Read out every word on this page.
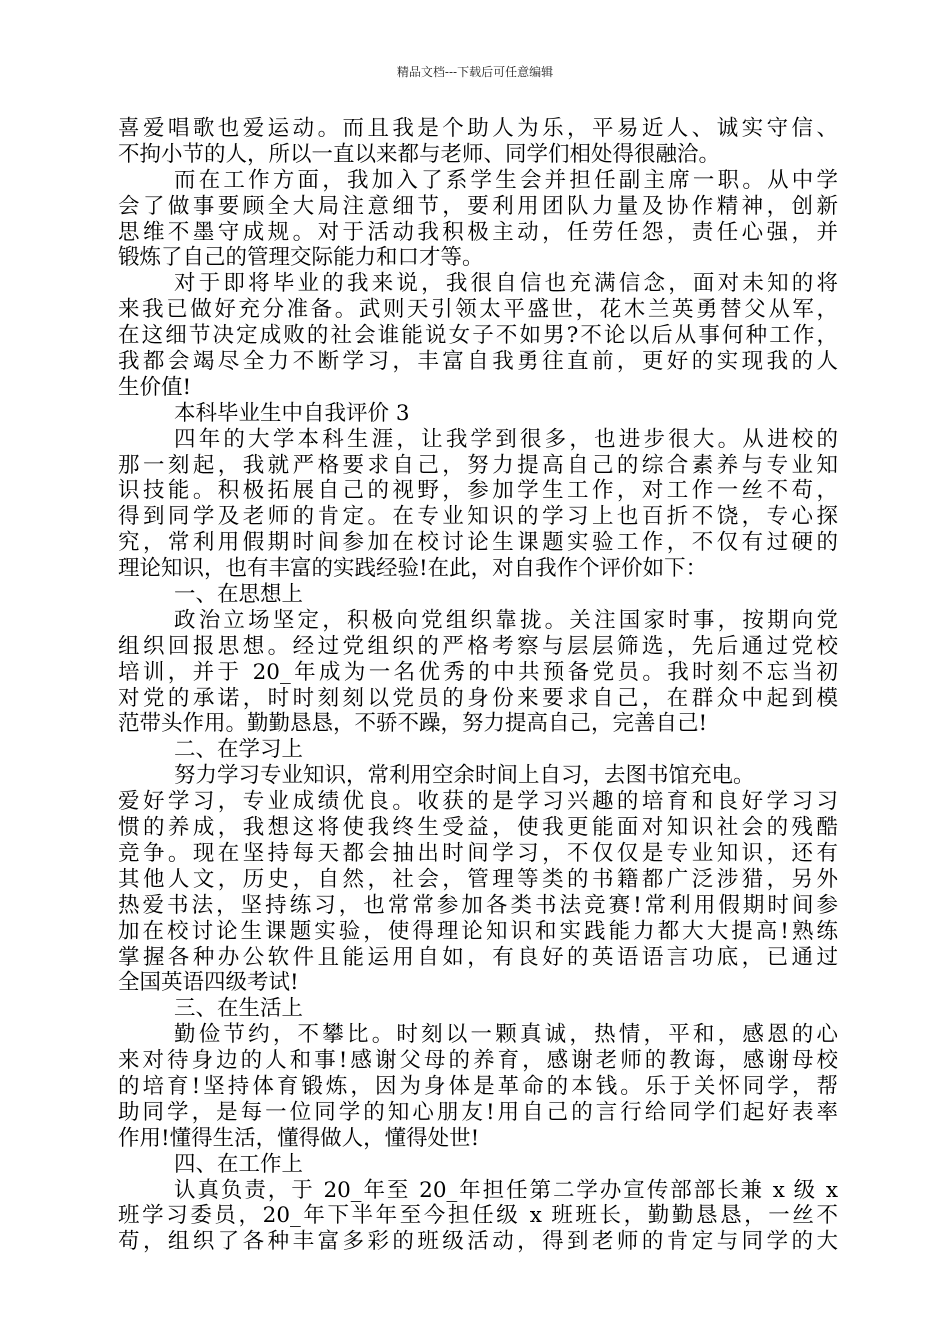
精品文档---下载后可任意编辑
喜爱唱歌也爱运动。而且我是个助人为乐，平易近人、诚实守信、
不拘小节的人，所以一直以来都与老师、同学们相处得很融洽。
而在工作方面，我加入了系学生会并担任副主席一职。从中学
会了做事要顾全大局注意细节，要利用团队力量及协作精神，创新
思维不墨守成规。对于活动我积极主动，任劳任怨，责任心强，并
锻炼了自己的管理交际能力和口才等。
对于即将毕业的我来说，我很自信也充满信念，面对未知的将
来我已做好充分准备。武则天引领太平盛世，花木兰英勇替父从军，
在这细节决定成败的社会谁能说女子不如男?不论以后从事何种工作，
我都会竭尽全力不断学习，丰富自我勇往直前，更好的实现我的人
生价值!
本科毕业生中自我评价 3
四年的大学本科生涯，让我学到很多，也进步很大。从进校的
那一刻起，我就严格要求自己，努力提高自己的综合素养与专业知
识技能。积极拓展自己的视野，参加学生工作，对工作一丝不苟，
得到同学及老师的肯定。在专业知识的学习上也百折不饶，专心探
究，常利用假期时间参加在校讨论生课题实验工作，不仅有过硬的
理论知识，也有丰富的实践经验!在此，对自我作个评价如下：
一、在思想上
政治立场坚定，积极向党组织靠拢。关注国家时事，按期向党
组织回报思想。经过党组织的严格考察与层层筛选，先后通过党校
培训，并于 20_年成为一名优秀的中共预备党员。我时刻不忘当初
对党的承诺，时时刻刻以党员的身份来要求自己，在群众中起到模
范带头作用。勤勤恳恳，不骄不躁，努力提高自己，完善自己!
二、在学习上
努力学习专业知识，常利用空余时间上自习，去图书馆充电。
爱好学习，专业成绩优良。收获的是学习兴趣的培育和良好学习习
惯的养成，我想这将使我终生受益，使我更能面对知识社会的残酷
竞争。现在坚持每天都会抽出时间学习，不仅仅是专业知识，还有
其他人文，历史，自然，社会，管理等类的书籍都广泛涉猎，另外
热爱书法，坚持练习，也常常参加各类书法竞赛!常利用假期时间参
加在校讨论生课题实验，使得理论知识和实践能力都大大提高!熟练
掌握各种办公软件且能运用自如，有良好的英语语言功底，已通过
全国英语四级考试!
三、在生活上
勤俭节约，不攀比。时刻以一颗真诚，热情，平和，感恩的心
来对待身边的人和事!感谢父母的养育，感谢老师的教诲，感谢母校
的培育!坚持体育锻炼，因为身体是革命的本钱。乐于关怀同学，帮
助同学，是每一位同学的知心朋友!用自己的言行给同学们起好表率
作用!懂得生活，懂得做人，懂得处世!
四、在工作上
认真负责，于 20_年至 20_年担任第二学办宣传部部长兼 x 级 x
班学习委员，20_年下半年至今担任级 x 班班长，勤勤恳恳，一丝不
苟，组织了各种丰富多彩的班级活动，得到老师的肯定与同学的大
